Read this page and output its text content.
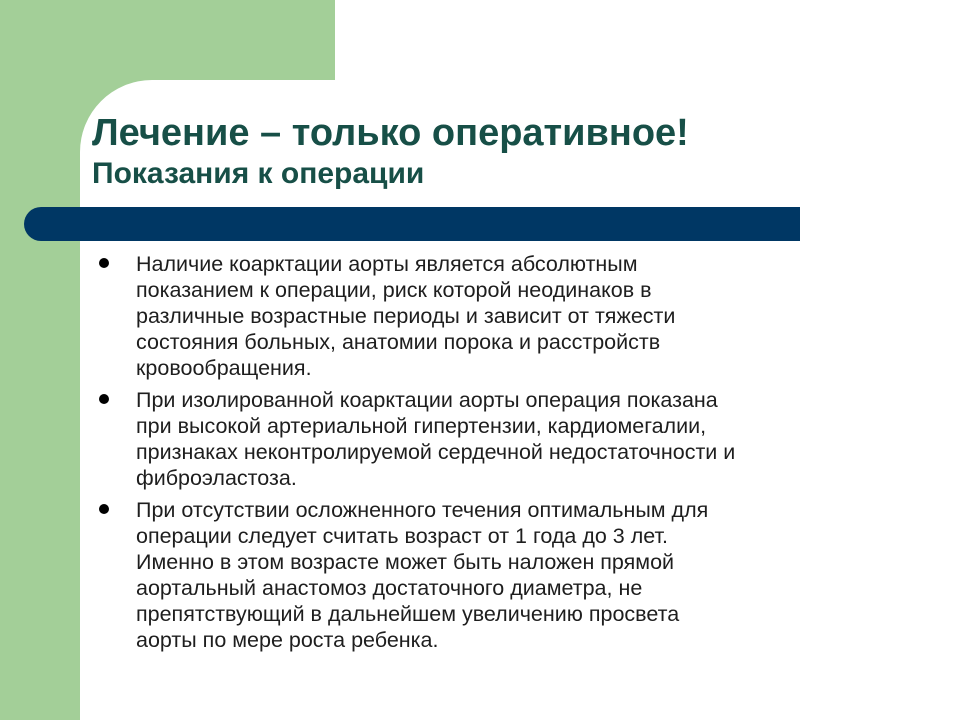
Лечение – только оперативное!
Показания к операции
Наличие коарктации аорты является абсолютным
показанием к операции, риск которой неодинаков в
различные возрастные периоды и зависит от тяжести
состояния больных, анатомии порока и расстройств
кровообращения.
При изолированной коарктации аорты операция показана
при высокой артериальной гипертензии, кардиомегалии,
признаках неконтролируемой сердечной недостаточности и
фиброэластоза.
При отсутствии осложненного течения оптимальным для
операции следует считать возраст от 1 года до 3 лет.
Именно в этом возрасте может быть наложен прямой
аортальный анастомоз достаточного диаметра, не
препятствующий в дальнейшем увеличению просвета
аорты по мере роста ребенка.
